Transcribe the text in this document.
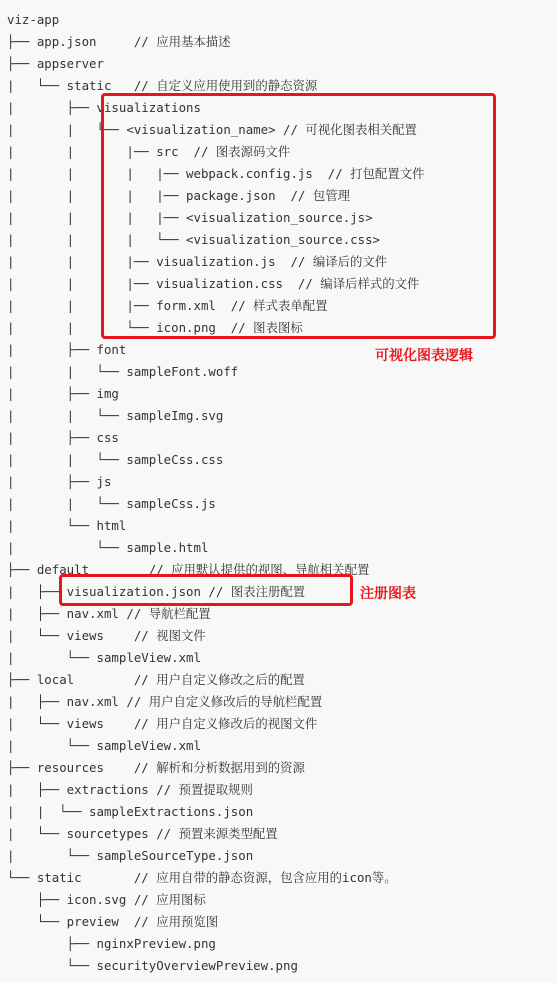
viz-app
├── app.json     // 应用基本描述
├── appserver
|   └── static   // 自定义应用使用到的静态资源
|       ├── visualizations
|       |   └── <visualization_name> // 可视化图表相关配置
|       |       |── src  // 图表源码文件
|       |       |   |── webpack.config.js  // 打包配置文件
|       |       |   |── package.json  // 包管理
|       |       |   |── <visualization_source.js>
|       |       |   └── <visualization_source.css>
|       |       |── visualization.js  // 编译后的文件
|       |       |── visualization.css  // 编译后样式的文件
|       |       |── form.xml  // 样式表单配置
|       |       └── icon.png  // 图表图标
|       ├── font
|       |   └── sampleFont.woff
|       ├── img
|       |   └── sampleImg.svg
|       ├── css
|       |   └── sampleCss.css
|       ├── js
|       |   └── sampleCss.js
|       └── html
|           └── sample.html
├── default        // 应用默认提供的视图、导航相关配置
|   ├── visualization.json // 图表注册配置
|   ├── nav.xml // 导航栏配置
|   └── views    // 视图文件
|       └── sampleView.xml
├── local        // 用户自定义修改之后的配置
|   ├── nav.xml // 用户自定义修改后的导航栏配置
|   └── views    // 用户自定义修改后的视图文件
|       └── sampleView.xml
├── resources    // 解析和分析数据用到的资源
|   ├── extractions // 预置提取规则
|   |  └── sampleExtractions.json
|   └── sourcetypes // 预置来源类型配置
|       └── sampleSourceType.json
└── static       // 应用自带的静态资源，包含应用的icon等。
├── icon.svg // 应用图标
└── preview  // 应用预览图
├── nginxPreview.png
└── securityOverviewPreview.png
可视化图表逻辑
注册图表
